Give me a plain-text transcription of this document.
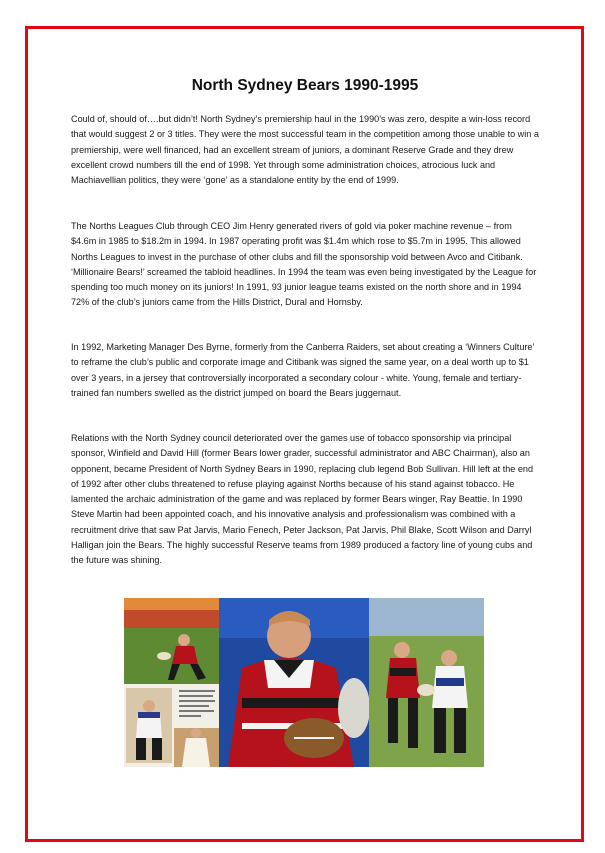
North Sydney Bears 1990-1995

Could of, should of….but didn’t! North Sydney’s premiership haul in the 1990’s was zero, despite a win-loss record that would suggest 2 or 3 titles. They were the most successful team in the competition among those unable to win a premiership, were well financed, had an excellent stream of juniors, a dominant Reserve Grade and they drew excellent crowd numbers till the end of 1998. Yet through some administration choices, atrocious luck and Machiavellian politics, they were ‘gone’ as a standalone entity by the end of 1999.

The Norths Leagues Club through CEO Jim Henry generated rivers of gold via poker machine revenue – from $4.6m in 1985 to $18.2m in 1994. In 1987 operating profit was $1.4m which rose to $5.7m in 1995. This allowed Norths Leagues to invest in the purchase of other clubs and fill the sponsorship void between Avco and Citibank. ‘Millionaire Bears!’ screamed the tabloid headlines. In 1994 the team was even being investigated by the League for spending too much money on its juniors! In 1991, 93 junior league teams existed on the north shore and in 1994 72% of the club’s juniors came from the Hills District, Dural and Hornsby.

In 1992, Marketing Manager Des Byrne, formerly from the Canberra Raiders, set about creating a ‘Winners Culture’ to reframe the club’s public and corporate image and Citibank was signed the same year, on a deal worth up to $1 over 3 years, in a jersey that controversially incorporated a secondary colour - white. Young, female and tertiary-trained fan numbers swelled as the district jumped on board the Bears juggernaut.

Relations with the North Sydney council deteriorated over the games use of tobacco sponsorship via principal sponsor, Winfield and David Hill (former Bears lower grader, successful administrator and ABC Chairman), also an opponent, became President of North Sydney Bears in 1990, replacing club legend Bob Sullivan. Hill left at the end of 1992 after other clubs threatened to refuse playing against Norths because of his stand against tobacco. He lamented the archaic administration of the game and was replaced by former Bears winger, Ray Beattie. In 1990 Steve Martin had been appointed coach, and his innovative analysis and professionalism was combined with a recruitment drive that saw Pat Jarvis, Mario Fenech, Peter Jackson, Pat Jarvis, Phil Blake, Scott Wilson and Darryl Halligan join the Bears. The highly successful Reserve teams from 1989 produced a factory line of young cubs and the future was shining.
